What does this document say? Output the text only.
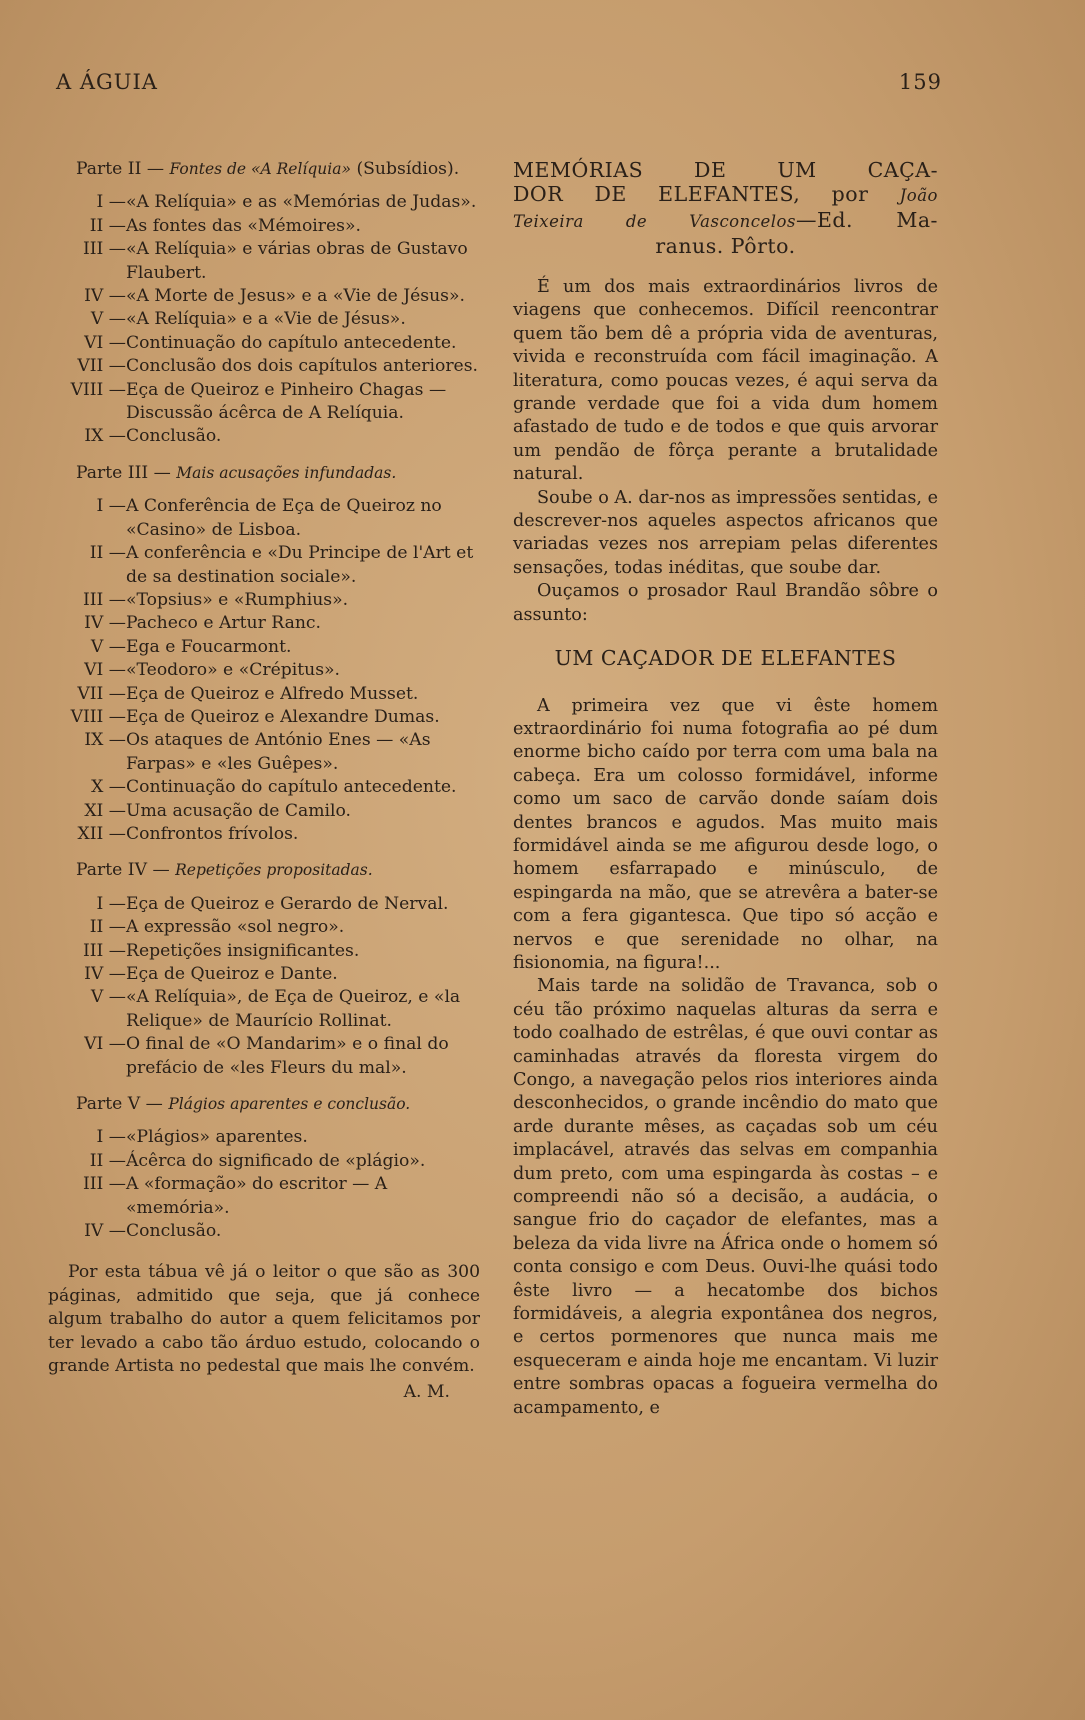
A ÁGUIA	159
Parte II — Fontes de «A Relíquia» (Subsídios).
I — «A Relíquia» e as «Memórias de Judas».
II — As fontes das «Mémoires».
III — «A Relíquia» e várias obras de Gustavo Flaubert.
IV — «A Morte de Jesus» e a «Vie de Jésus».
V — «A Relíquia» e a «Vie de Jésus».
VI — Continuação do capítulo antecedente.
VII — Conclusão dos dois capítulos anteriores.
VIII — Eça de Queiroz e Pinheiro Chagas — Discussão ácêrca de A Relíquia.
IX — Conclusão.
Parte III — Mais acusações infundadas.
I — A Conferência de Eça de Queiroz no «Casino» de Lisboa.
II — A conferência e «Du Principe de l'Art et de sa destination sociale».
III — «Topsius» e «Rumphius».
IV — Pacheco e Artur Ranc.
V — Ega e Foucarmont.
VI — «Teodoro» e «Crépitus».
VII — Eça de Queiroz e Alfredo Musset.
VIII — Eça de Queiroz e Alexandre Dumas.
IX — Os ataques de António Enes — «As Farpas» e «les Guêpes».
X — Continuação do capítulo antecedente.
XI — Uma acusação de Camilo.
XII — Confrontos frívolos.
Parte IV — Repetições propositadas.
I — Eça de Queiroz e Gerardo de Nerval.
II — A expressão «sol negro».
III — Repetições insignificantes.
IV — Eça de Queiroz e Dante.
V — «A Relíquia», de Eça de Queiroz, e «la Relique» de Maurício Rollinat.
VI — O final de «O Mandarim» e o final do prefácio de «les Fleurs du mal».
Parte V — Plágios aparentes e conclusão.
I — «Plágios» aparentes.
II — Ácêrca do significado de «plágio».
III — A «formação» do escritor — A «memória».
IV — Conclusão.
Por esta tábua vê já o leitor o que são as 300 páginas, admitido que seja, que já conhece algum trabalho do autor a quem felicitamos por ter levado a cabo tão árduo estudo, colocando o grande Artista no pedestal que mais lhe convém.
A. M.
MEMÓRIAS DE UM CAÇA-
DOR DE ELEFANTES, por João
Teixeira de Vasconcelos—Ed. Ma-
ranus. Pôrto.

É um dos mais extraordinários livros de viagens que conhecemos. Difícil reencontrar quem tão bem dê a própria vida de aventuras, vivida e reconstruída com fácil imaginação. A literatura, como poucas vezes, é aqui serva da grande verdade que foi a vida dum homem afastado de tudo e de todos e que quis arvorar um pendão de fôrça perante a brutalidade natural.

Soube o A. dar-nos as impressões sentidas, e descrever-nos aqueles aspectos africanos que variadas vezes nos arrepiam pelas diferentes sensações, todas inéditas, que soube dar.

Ouçamos o prosador Raul Brandão sôbre o assunto:

UM CAÇADOR DE ELEFANTES

A primeira vez que vi êste homem extraordinário foi numa fotografia ao pé dum enorme bicho caído por terra com uma bala na cabeça. Era um colosso formidável, informe como um saco de carvão donde saíam dois dentes brancos e agudos. Mas muito mais formidável ainda se me afigurou desde logo, o homem esfarrapado e minúsculo, de espingarda na mão, que se atrevêra a bater-se com a fera gigantesca. Que tipo só acção e nervos e que serenidade no olhar, na fisionomia, na figura!...

Mais tarde na solidão de Travanca, sob o céu tão próximo naquelas alturas da serra e todo coalhado de estrêlas, é que ouvi contar as caminhadas através da floresta virgem do Congo, a navegação pelos rios interiores ainda desconhecidos, o grande incêndio do mato que arde durante mêses, as caçadas sob um céu implacável, através das selvas em companhia dum preto, com uma espingarda às costas – e compreendi não só a decisão, a audácia, o sangue frio do caçador de elefantes, mas a beleza da vida livre na África onde o homem só conta consigo e com Deus. Ouvi-lhe quási todo êste livro — a hecatombe dos bichos formidáveis, a alegria expontânea dos negros, e certos pormenores que nunca mais me esqueceram e ainda hoje me encantam. Vi luzir entre sombras opacas a fogueira vermelha do acampamento, e
